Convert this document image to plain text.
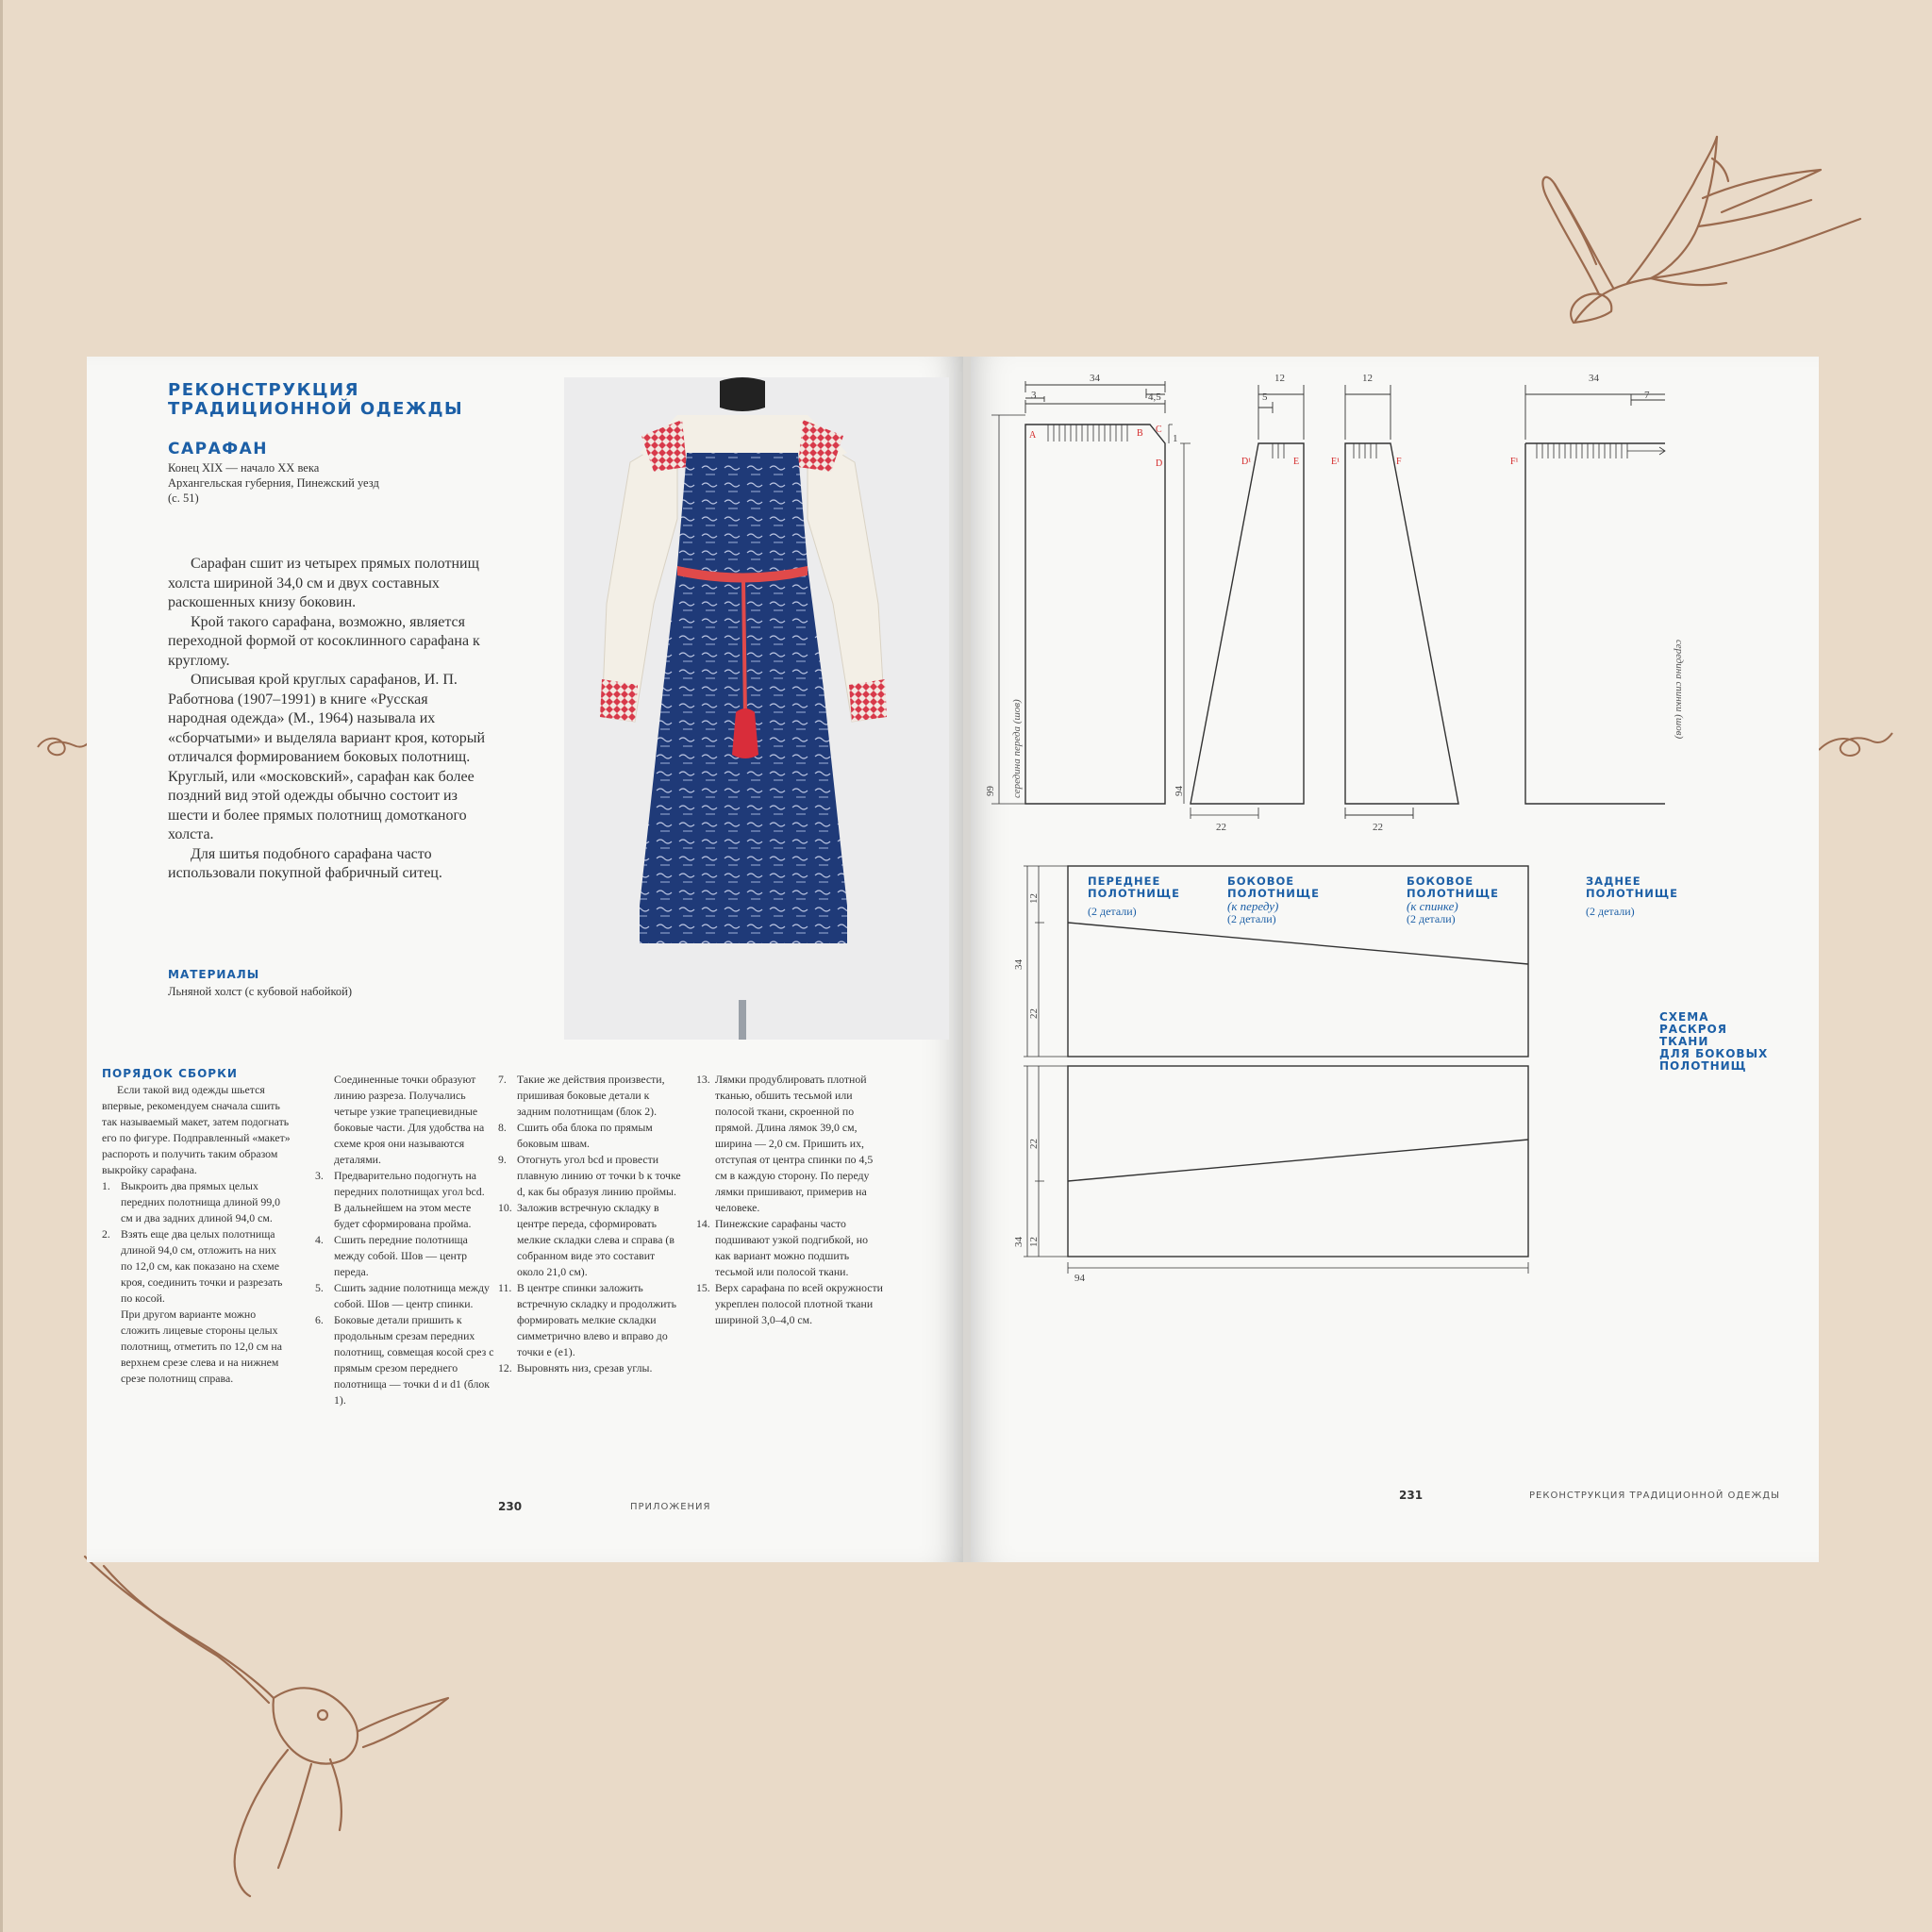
РЕКОНСТРУКЦИЯ
ТРАДИЦИОННОЙ ОДЕЖДЫ
САРАФАН
Конец XIX — начало XX века
Архангельская губерния, Пинежский уезд
(с. 51)

Сарафан сшит из четырех прямых полотнищ холста шириной 34,0 см и двух составных раскошенных книзу боковин.

Крой такого сарафана, возможно, является переходной формой от косоклинного сарафана к круглому.

Описывая крой круглых сарафанов, И. П. Работнова (1907–1991) в книге «Русская народная одежда» (М., 1964) называла их «сборчатыми» и выделяла вариант кроя, который отличался формированием боковых полотнищ. Круглый, или «московский», сарафан как более поздний вид этой одежды обычно состоит из шести и более прямых полотнищ домотканого холста.

Для шитья подобного сарафана часто использовали покупной фабричный ситец.

МАТЕРИАЛЫ
Льняной холст (с кубовой набойкой)
ПОРЯДОК СБОРКИ
Если такой вид одежды шьется впервые, рекомендуем сначала сшить так называемый макет, затем подогнать его по фигуре. Подправленный «макет» распороть и получить таким образом выкройку сарафана.
1. Выкроить два прямых целых передних полотнища длиной 99,0 см и два задних длиной 94,0 см.
2. Взять еще два целых полотнища длиной 94,0 см, отложить на них по 12,0 см, как показано на схеме кроя, соединить точки и разрезать по косой.
При другом варианте можно сложить лицевые стороны целых полотнищ, отметить по 12,0 см на верхнем срезе слева и на нижнем срезе полотнищ справа.
Соединенные точки образуют линию разреза. Получались четыре узкие трапециевидные боковые части. Для удобства на схеме кроя они называются деталями.
3. Предварительно подогнуть на передних полотнищах угол bcd. В дальнейшем на этом месте будет сформирована пройма.
4. Сшить передние полотнища между собой. Шов — центр переда.
5. Сшить задние полотнища между собой. Шов — центр спинки.
6. Боковые детали пришить к продольным срезам передних полотнищ, совмещая косой срез с прямым срезом переднего полотнища — точки d и d1 (блок 1).
7. Такие же действия произвести, пришивая боковые детали к задним полотнищам (блок 2).
8. Сшить оба блока по прямым боковым швам.
9. Отогнуть угол bcd и провести плавную линию от точки b к точке d, как бы образуя линию проймы.
10. Заложив встречную складку в центре переда, сформировать мелкие складки слева и справа (в собранном виде это составит около 21,0 см).
11. В центре спинки заложить встречную складку и продолжить формировать мелкие складки симметрично влево и вправо до точки е (е1).
12. Выровнять низ, срезав углы.
13. Лямки продублировать плотной тканью, обшить тесьмой или полосой ткани, скроенной по прямой. Длина лямок 39,0 см, ширина — 2,0 см. Пришить их, отступая от центра спинки по 4,5 см в каждую сторону. По переду лямки пришивают, примерив на человеке.
14. Пинежские сарафаны часто подшивают узкой подгибкой, но как вариант можно подшить тесьмой или полосой ткани.
15. Верх сарафана по всей окружности укреплен полосой плотной ткани шириной 3,0–4,0 см.
230	ПРИЛОЖЕНИЯ
A	B C
D	D¹	E	E¹	F	F¹
34
3	4,5
1
12
5
12	34
7
22	22
94
99	94
34
12
22
22
34 12
середина переда (шов)
середина спинки (шов)
ПЕРЕДНЕЕ
ПОЛОТНИЩЕ
(2 детали)
БОКОВОЕ
ПОЛОТНИЩЕ
(к переду)
(2 детали)
БОКОВОЕ
ПОЛОТНИЩЕ
(к спинке)
(2 детали)
ЗАДНЕЕ
ПОЛОТНИЩЕ
(2 детали)
СХЕМА
РАСКРОЯ
ТКАНИ
ДЛЯ БОКОВЫХ
ПОЛОТНИЩ
231	РЕКОНСТРУКЦИЯ ТРАДИЦИОННОЙ ОДЕЖДЫ
